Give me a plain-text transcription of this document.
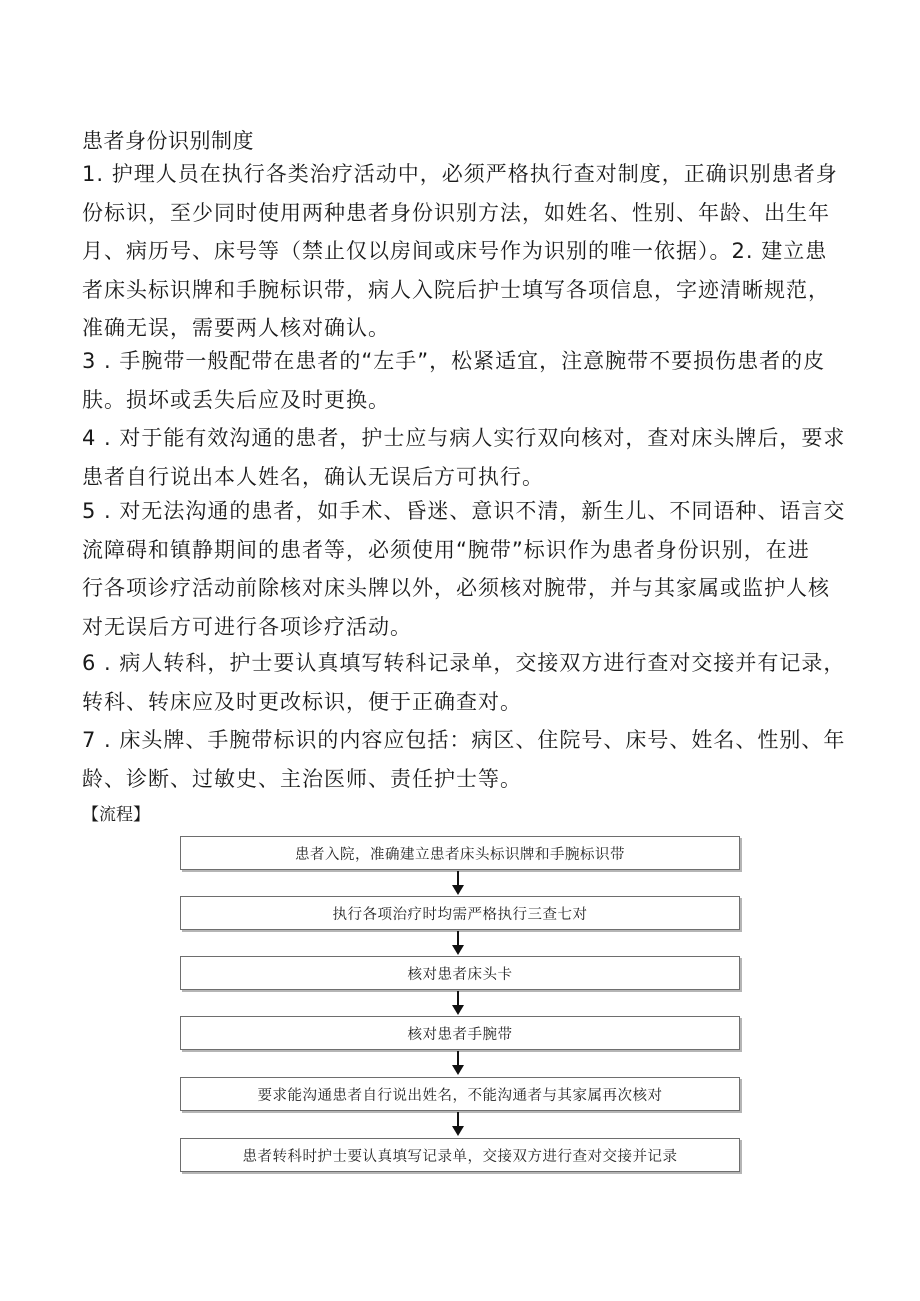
患者身份识别制度
1. 护理人员在执行各类治疗活动中，必须严格执行查对制度，正确识别患者身
份标识，至少同时使用两种患者身份识别方法，如姓名、性别、年龄、出生年
月、病历号、床号等（禁止仅以房间或床号作为识别的唯一依据）。2. 建立患
者床头标识牌和手腕标识带，病人入院后护士填写各项信息，字迹清晰规范，
准确无误，需要两人核对确认。
3 . 手腕带一般配带在患者的“左手”，松紧适宜，注意腕带不要损伤患者的皮
肤。损坏或丢失后应及时更换。
4 . 对于能有效沟通的患者，护士应与病人实行双向核对，查对床头牌后，要求
患者自行说出本人姓名，确认无误后方可执行。
5 . 对无法沟通的患者，如手术、昏迷、意识不清，新生儿、不同语种、语言交
流障碍和镇静期间的患者等，必须使用“腕带”标识作为患者身份识别，在进
行各项诊疗活动前除核对床头牌以外，必须核对腕带，并与其家属或监护人核
对无误后方可进行各项诊疗活动。
6 . 病人转科，护士要认真填写转科记录单，交接双方进行查对交接并有记录，
转科、转床应及时更改标识，便于正确查对。
7 . 床头牌、手腕带标识的内容应包括：病区、住院号、床号、姓名、性别、年
龄、诊断、过敏史、主治医师、责任护士等。
【流程】
患者入院，准确建立患者床头标识牌和手腕标识带
执行各项治疗时均需严格执行三查七对
核对患者床头卡
核对患者手腕带
要求能沟通患者自行说出姓名，不能沟通者与其家属再次核对
患者转科时护士要认真填写记录单，交接双方进行查对交接并记录
